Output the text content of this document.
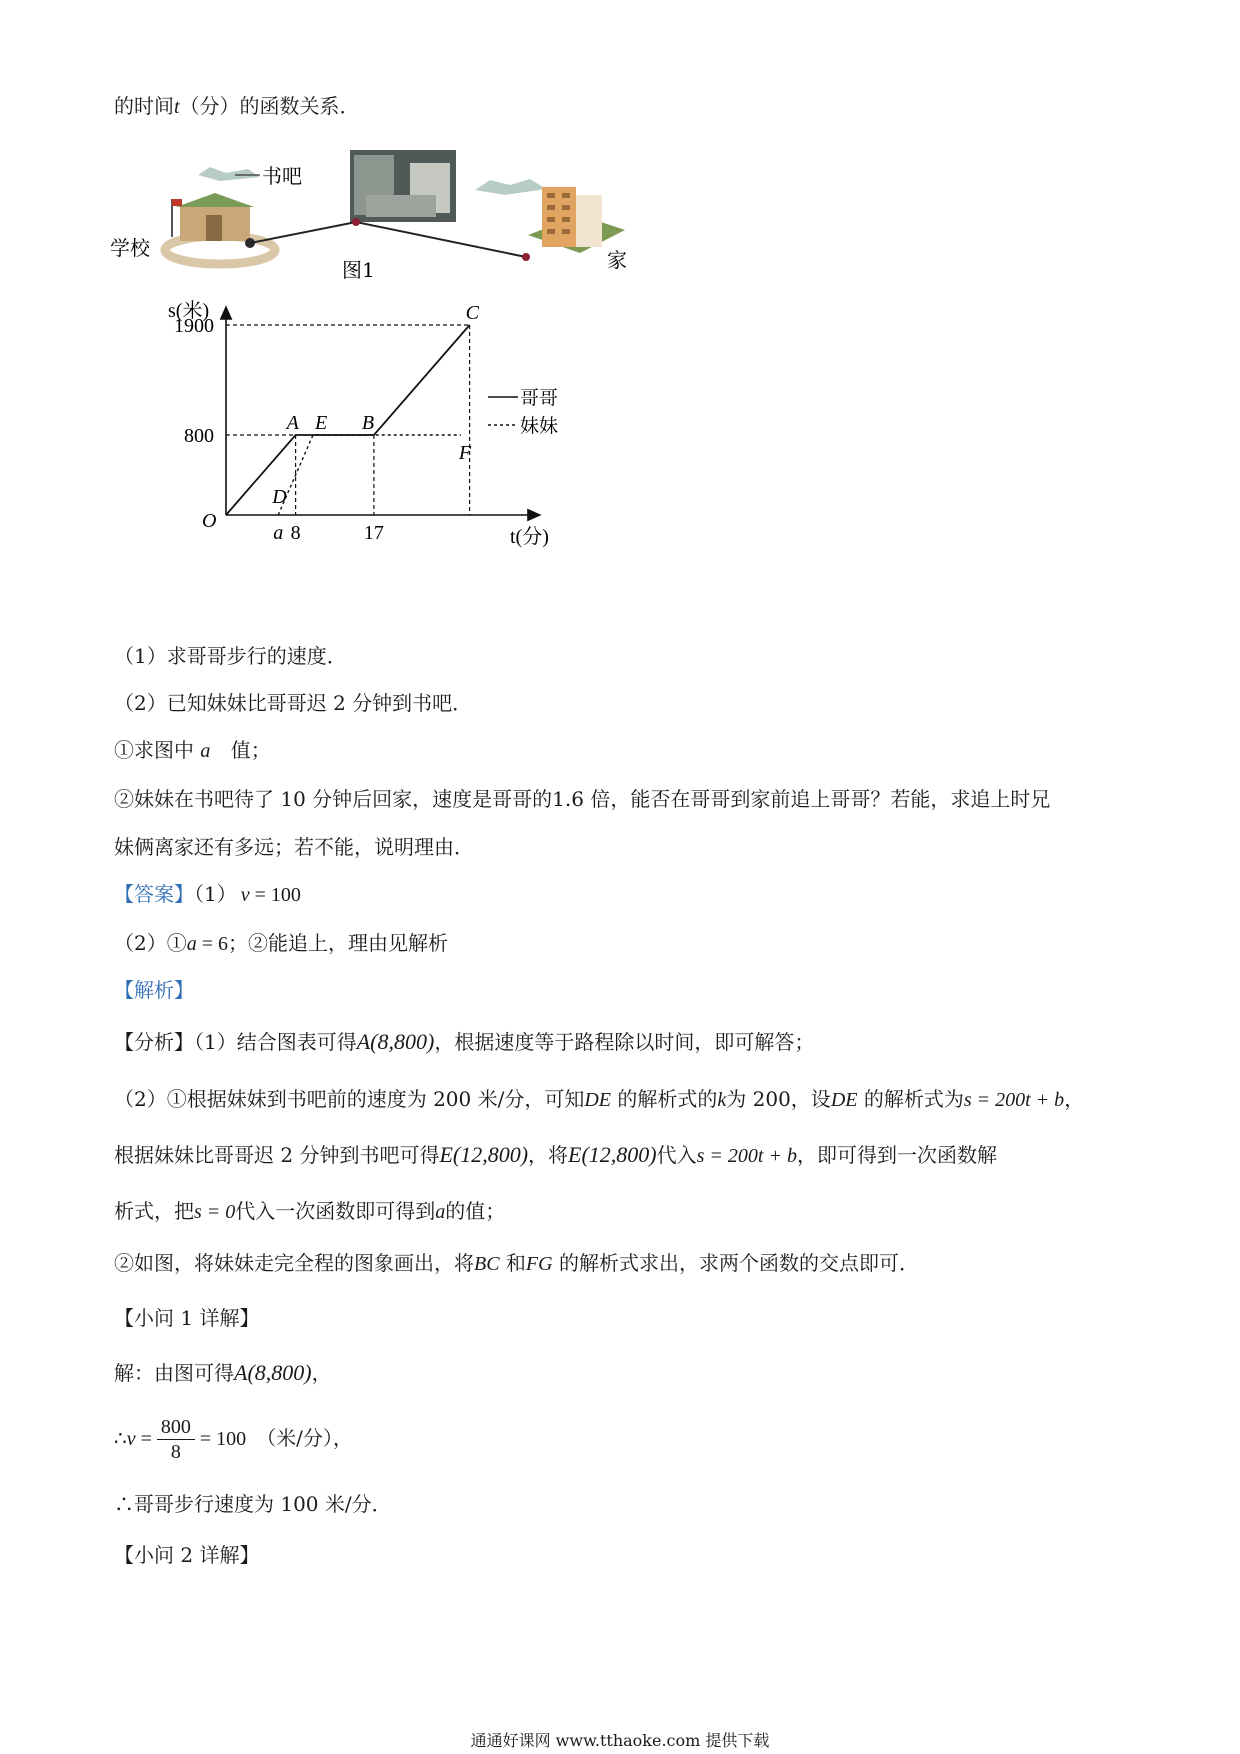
的时间t（分）的函数关系．
书吧
学校	家
图1
O
s(米)
t(分)
1900
800
a 8	17
A E B
C
D
F
哥哥
妹妹
（1）求哥哥步行的速度．
（2）已知妹妹比哥哥迟 2 分钟到书吧．
①求图中 a 值；
②妹妹在书吧待了 10 分钟后回家，速度是哥哥的1.6 倍，能否在哥哥到家前追上哥哥？若能，求追上时兄
妹俩离家还有多远；若不能，说明理由．
【答案】（1） v = 100
（2）①a = 6；②能追上，理由见解析
【解析】
【分析】（1）结合图表可得A(8,800)，根据速度等于路程除以时间，即可解答；
（2）①根据妹妹到书吧前的速度为 200 米/分，可知DE 的解析式的k为 200，设DE 的解析式为s = 200t + b，
根据妹妹比哥哥迟 2 分钟到书吧可得E(12,800)，将E(12,800)代入s = 200t + b，即可得到一次函数解
析式，把s = 0代入一次函数即可得到a的值；
②如图，将妹妹走完全程的图象画出，将BC 和FG 的解析式求出，求两个函数的交点即可．
【小问 1 详解】
解：由图可得A(8,800)，
∴v = $\frac{800}{8} = 100$ （米/分），
∴哥哥步行速度为 100 米/分．
【小问 2 详解】
通通好课网 www.tthaoke.com 提供下载
